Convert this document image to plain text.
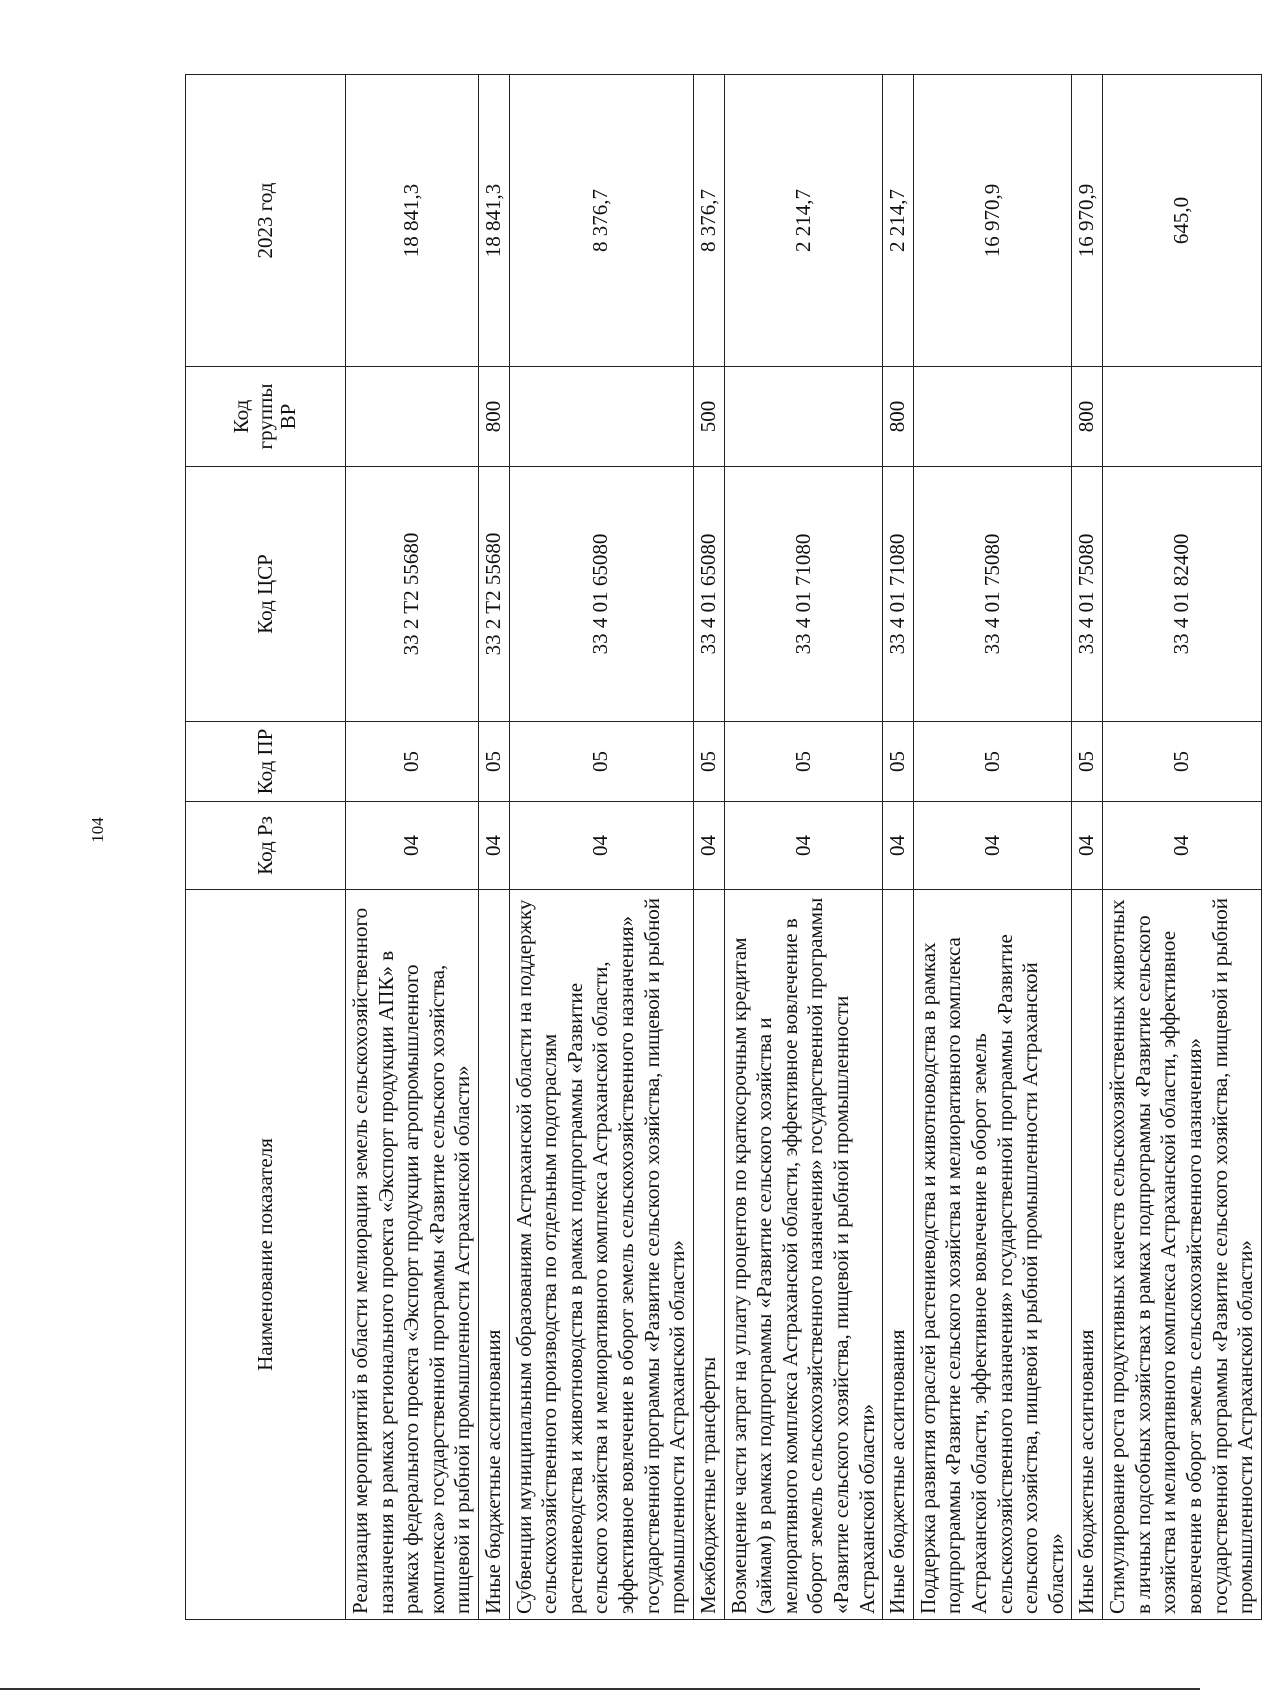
104
Наименование показателя	Код Рз	Код ПР	Код ЦСР	Код группы ВР	2023 год
Реализация мероприятий в области мелиорации земель сельскохозяйственного назначения в рамках регионального проекта «Экспорт продукции АПК» в рамках федерального проекта «Экспорт продукции агропромышленного комплекса» государственной программы «Развитие сельского хозяйства, пищевой и рыбной промышленности Астраханской области»	04	05	33 2 T2 55680		18 841,3
Иные бюджетные ассигнования	04	05	33 2 T2 55680	800	18 841,3
Субвенции муниципальным образованиям Астраханской области на поддержку сельскохозяйственного производства по отдельным подотраслям растениеводства и животноводства в рамках подпрограммы «Развитие сельского хозяйства и мелиоративного комплекса Астраханской области, эффективное вовлечение в оборот земель сельскохозяйственного назначения» государственной программы «Развитие сельского хозяйства, пищевой и рыбной промышленности Астраханской области»	04	05	33 4 01 65080		8 376,7
Межбюджетные трансферты	04	05	33 4 01 65080	500	8 376,7
Возмещение части затрат на уплату процентов по краткосрочным кредитам (займам) в рамках подпрограммы «Развитие сельского хозяйства и мелиоративного комплекса Астраханской области, эффективное вовлечение в оборот земель сельскохозяйственного назначения» государственной программы «Развитие сельского хозяйства, пищевой и рыбной промышленности Астраханской области»	04	05	33 4 01 71080		2 214,7
Иные бюджетные ассигнования	04	05	33 4 01 71080	800	2 214,7
Поддержка развития отраслей растениеводства и животноводства в рамках подпрограммы «Развитие сельского хозяйства и мелиоративного комплекса Астраханской области, эффективное вовлечение в оборот земель сельскохозяйственного назначения» государственной программы «Развитие сельского хозяйства, пищевой и рыбной промышленности Астраханской области»	04	05	33 4 01 75080		16 970,9
Иные бюджетные ассигнования	04	05	33 4 01 75080	800	16 970,9
Стимулирование роста продуктивных качеств сельскохозяйственных животных в личных подсобных хозяйствах в рамках подпрограммы «Развитие сельского хозяйства и мелиоративного комплекса Астраханской области, эффективное вовлечение в оборот земель сельскохозяйственного назначения» государственной программы «Развитие сельского хозяйства, пищевой и рыбной промышленности Астраханской области»	04	05	33 4 01 82400		645,0
